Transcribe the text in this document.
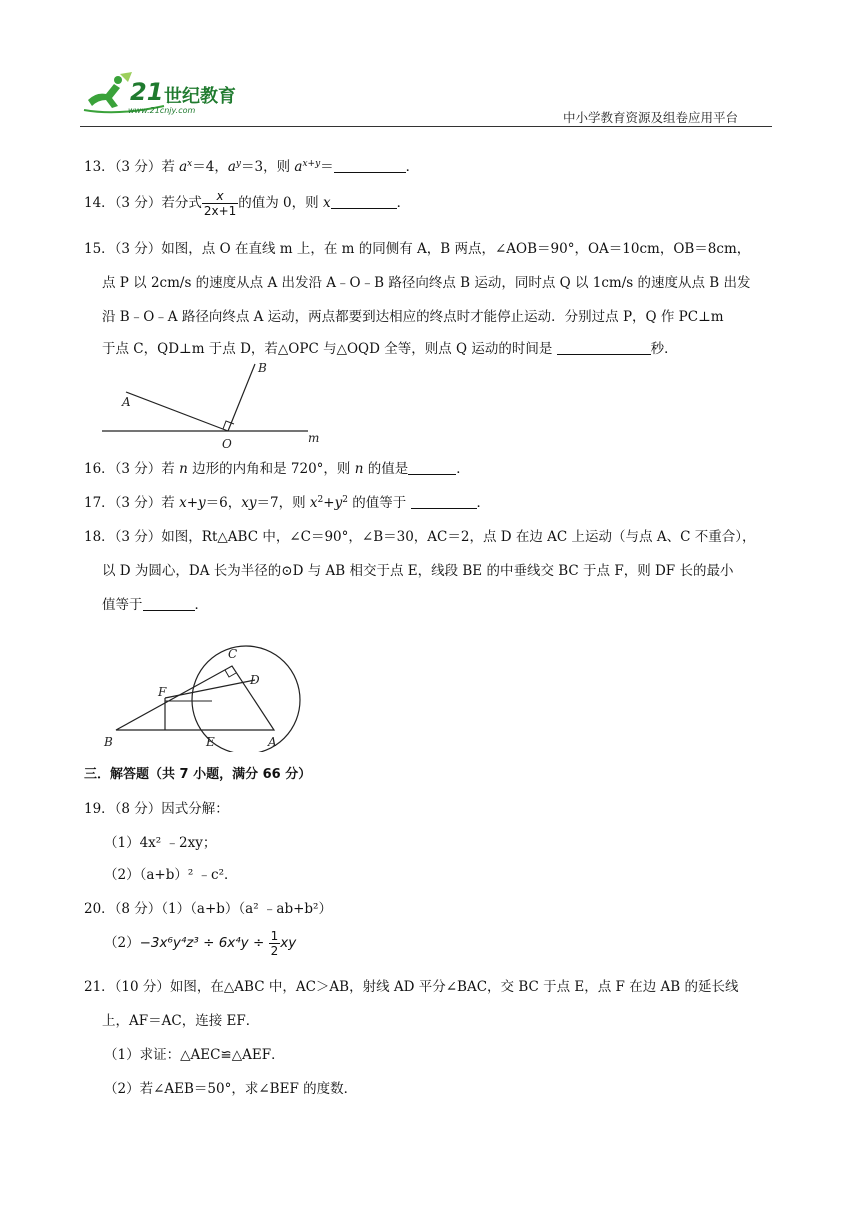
21 世纪教育
www.21cnjy.com	中小学教育资源及组卷应用平台
13．（3 分）若 $a^x=4$，$a^y=3$，则 $a^{x+y}=$	．
14．（3 分）若分式 $\frac{x}{2x+1}$ 的值为 0，则 x	．
15．（3 分）如图，点 O 在直线 m 上，在 m 的同侧有 A，B 两点，∠AOB＝90°，OA＝10cm，OB＝8cm，
点 P 以 2cm/s 的速度从点 A 出发沿 A﹣O﹣B 路径向终点 B 运动，同时点 Q 以 1cm/s 的速度从点 B 出发
沿 B﹣O﹣A 路径向终点 A 运动，两点都要到达相应的终点时才能停止运动．分别过点 P，Q 作 PC⊥m
于点 C，QD⊥m 于点 D，若△OPC 与△OQD 全等，则点 Q 运动的时间是	秒．
A
B
O	m
16．（3 分）若 n 边形的内角和是 720°，则 n 的值是	．
17．（3 分）若 x+y＝6，xy＝7，则 $x^2+y^2$ 的值等于	．
18．（3 分）如图，Rt△ABC 中，∠C＝90°，∠B＝30，AC＝2，点 D 在边 AC 上运动（与点 A、C 不重合），
以 D 为圆心，DA 长为半径的⊙D 与 AB 相交于点 E，线段 BE 的中垂线交 BC 于点 F，则 DF 长的最小
值等于	．
C
D
F
B	E	A
三．解答题（共 7 小题，满分 66 分）
19．（8 分）因式分解：
（1）4x² ﹣2xy；
（2）（a+b）² ﹣c²．
20．（8 分）（1）（a+b）（a² ﹣ab+b²）
$(2)-3x^6y^4z^3 \div 6x^4y \div \frac{1}{2}$ xy
21．（10 分）如图，在△ABC 中，AC＞AB，射线 AD 平分∠BAC，交 BC 于点 E，点 F 在边 AB 的延长线
上，AF＝AC，连接 EF．
（1）求证：△AEC≌△AEF．
（2）若∠AEB＝50°，求∠BEF 的度数．
